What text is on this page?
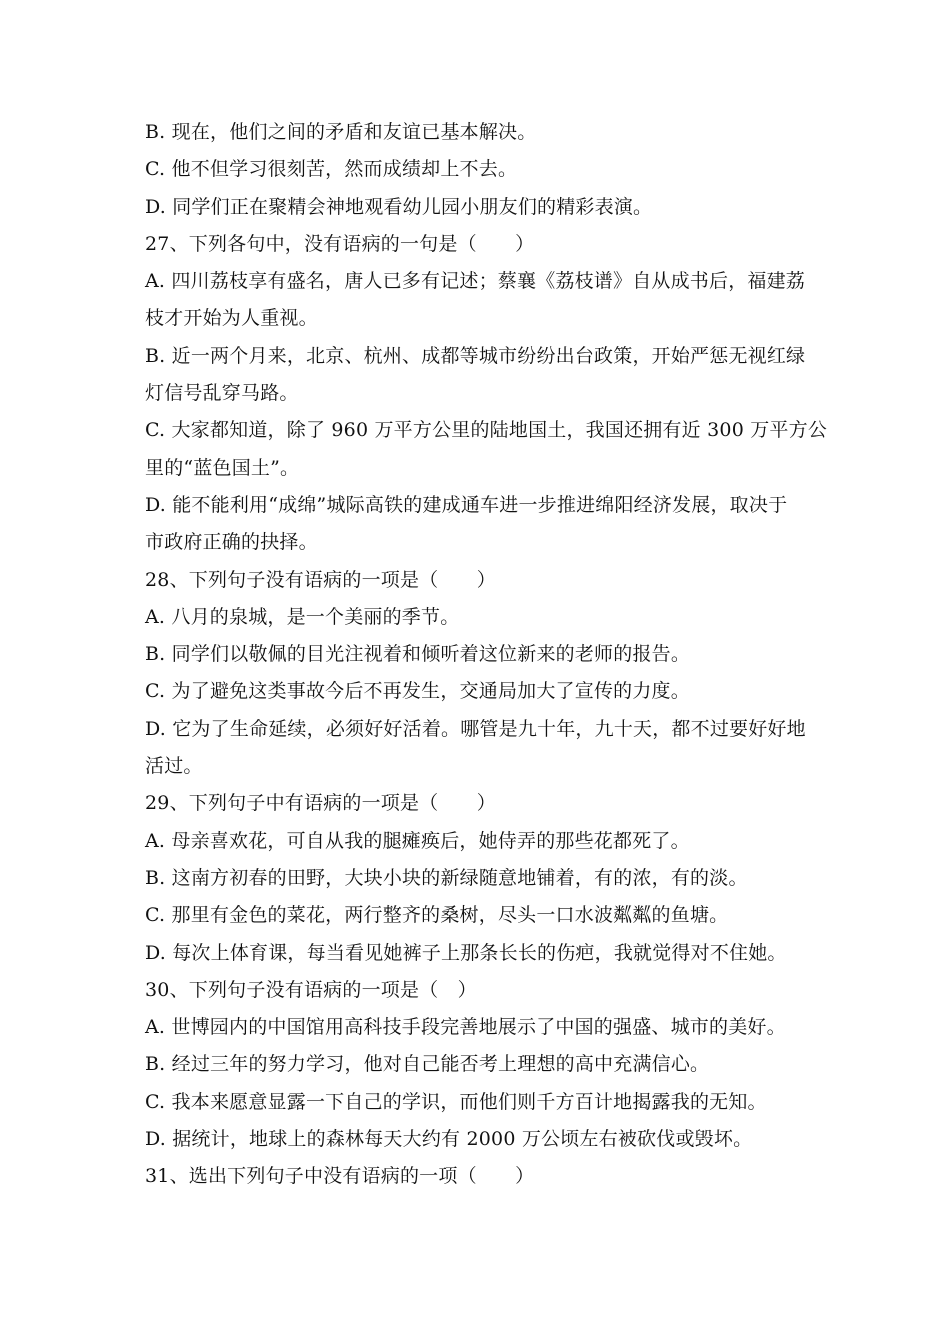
B. 现在，他们之间的矛盾和友谊已基本解决。
C. 他不但学习很刻苦，然而成绩却上不去。
D. 同学们正在聚精会神地观看幼儿园小朋友们的精彩表演。
27、下列各句中，没有语病的一句是（　　）
A. 四川荔枝享有盛名，唐人已多有记述；蔡襄《荔枝谱》自从成书后，福建荔
枝才开始为人重视。
B. 近一两个月来，北京、杭州、成都等城市纷纷出台政策，开始严惩无视红绿
灯信号乱穿马路。
C. 大家都知道，除了 960 万平方公里的陆地国土，我国还拥有近 300 万平方公
里的“蓝色国土”。
D. 能不能利用“成绵”城际高铁的建成通车进一步推进绵阳经济发展，取决于
市政府正确的抉择。
28、下列句子没有语病的一项是（　　）
A. 八月的泉城，是一个美丽的季节。
B. 同学们以敬佩的目光注视着和倾听着这位新来的老师的报告。
C. 为了避免这类事故今后不再发生，交通局加大了宣传的力度。
D. 它为了生命延续，必须好好活着。哪管是九十年，九十天，都不过要好好地
活过。
29、下列句子中有语病的一项是（　　）
A. 母亲喜欢花，可自从我的腿瘫痪后，她侍弄的那些花都死了。
B. 这南方初春的田野，大块小块的新绿随意地铺着，有的浓，有的淡。
C. 那里有金色的菜花，两行整齐的桑树，尽头一口水波粼粼的鱼塘。
D. 每次上体育课，每当看见她裤子上那条长长的伤疤，我就觉得对不住她。
30、下列句子没有语病的一项是（　）
A. 世博园内的中国馆用高科技手段完善地展示了中国的强盛、城市的美好。
B. 经过三年的努力学习，他对自己能否考上理想的高中充满信心。
C. 我本来愿意显露一下自己的学识，而他们则千方百计地揭露我的无知。
D. 据统计，地球上的森林每天大约有 2000 万公顷左右被砍伐或毁坏。
31、选出下列句子中没有语病的一项（　　）
